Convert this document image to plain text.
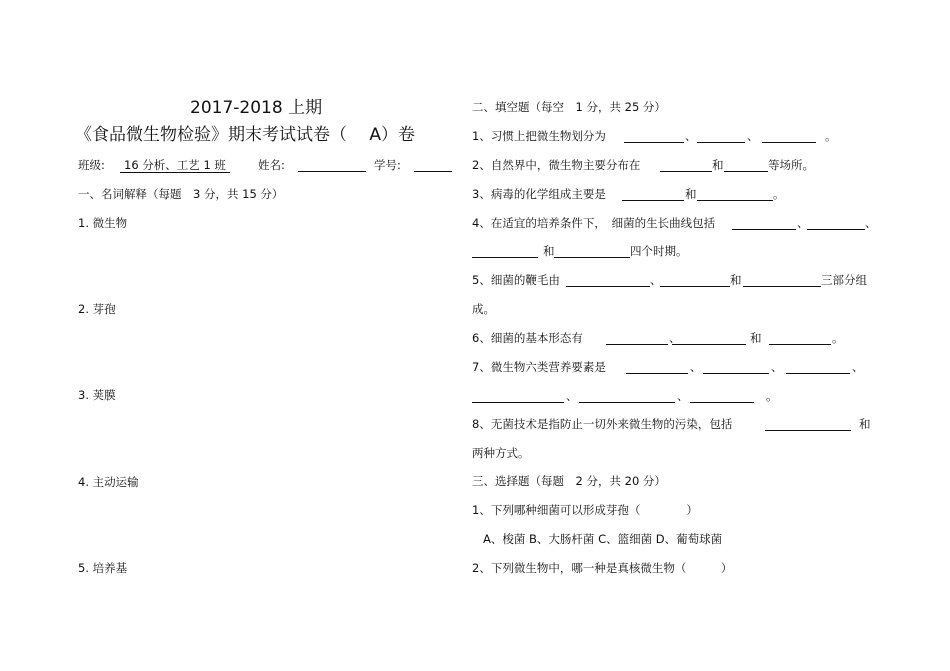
2017-2018 上期
《食品微生物检验》期末考试试卷（　 A）卷
班级:	16 分析、工艺 1 班	姓名:	学号:
一、名词解释（每题　3 分，共 15 分）
1. 微生物
2. 芽孢
3. 荚膜
4. 主动运输
5. 培养基
二、填空题（每空　1 分，共 25 分）
1、习惯上把微生物划分为	、	、	。
2、自然界中，微生物主要分布在	和	等场所。
3、病毒的化学组成主要是	和	。
4、在适宜的培养条件下，　细菌的生长曲线包括	、	、
和	四个时期。
5、细菌的鞭毛由	、	和	三部分组
成。
6、细菌的基本形态有	、	和	。
7、微生物六类营养要素是	、	、	、
、	、	。
8、无菌技术是指防止一切外来微生物的污染，包括	和
两种方式。
三、选择题（每题　2 分，共 20 分）
1、下列哪种细菌可以形成芽孢（　　　　）
A、梭菌 B、大肠杆菌 C、篮细菌 D、葡萄球菌
2、下列微生物中，哪一种是真核微生物（　　　）
